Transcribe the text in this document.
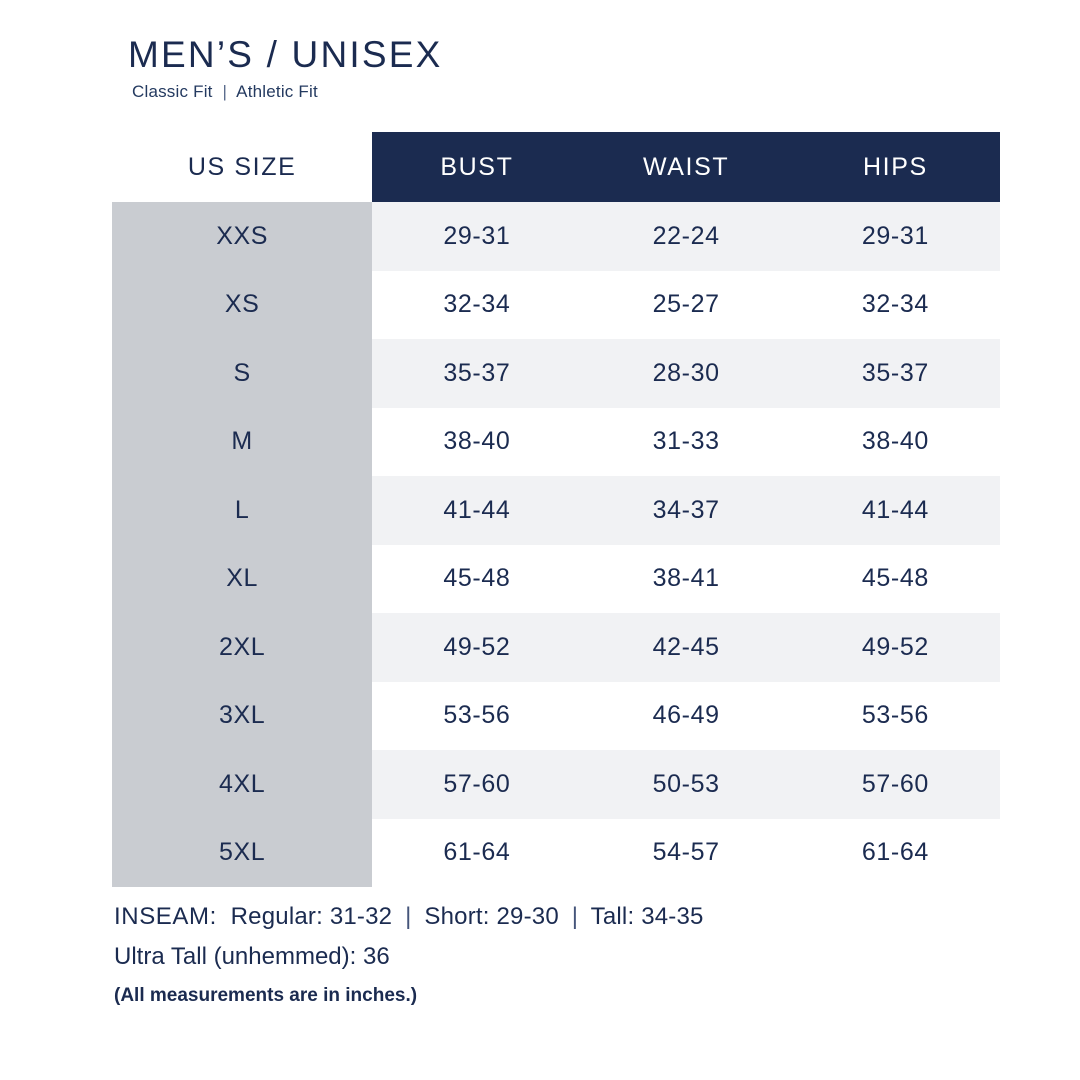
MEN’S / UNISEX
Classic Fit | Athletic Fit
US SIZE	BUST	WAIST	HIPS
XXS	29-31	22-24	29-31
XS	32-34	25-27	32-34
S	35-37	28-30	35-37
M	38-40	31-33	38-40
L	41-44	34-37	41-44
XL	45-48	38-41	45-48
2XL	49-52	42-45	49-52
3XL	53-56	46-49	53-56
4XL	57-60	50-53	57-60
5XL	61-64	54-57	61-64
INSEAM: Regular: 31-32 | Short: 29-30 | Tall: 34-35
Ultra Tall (unhemmed): 36
(All measurements are in inches.)
